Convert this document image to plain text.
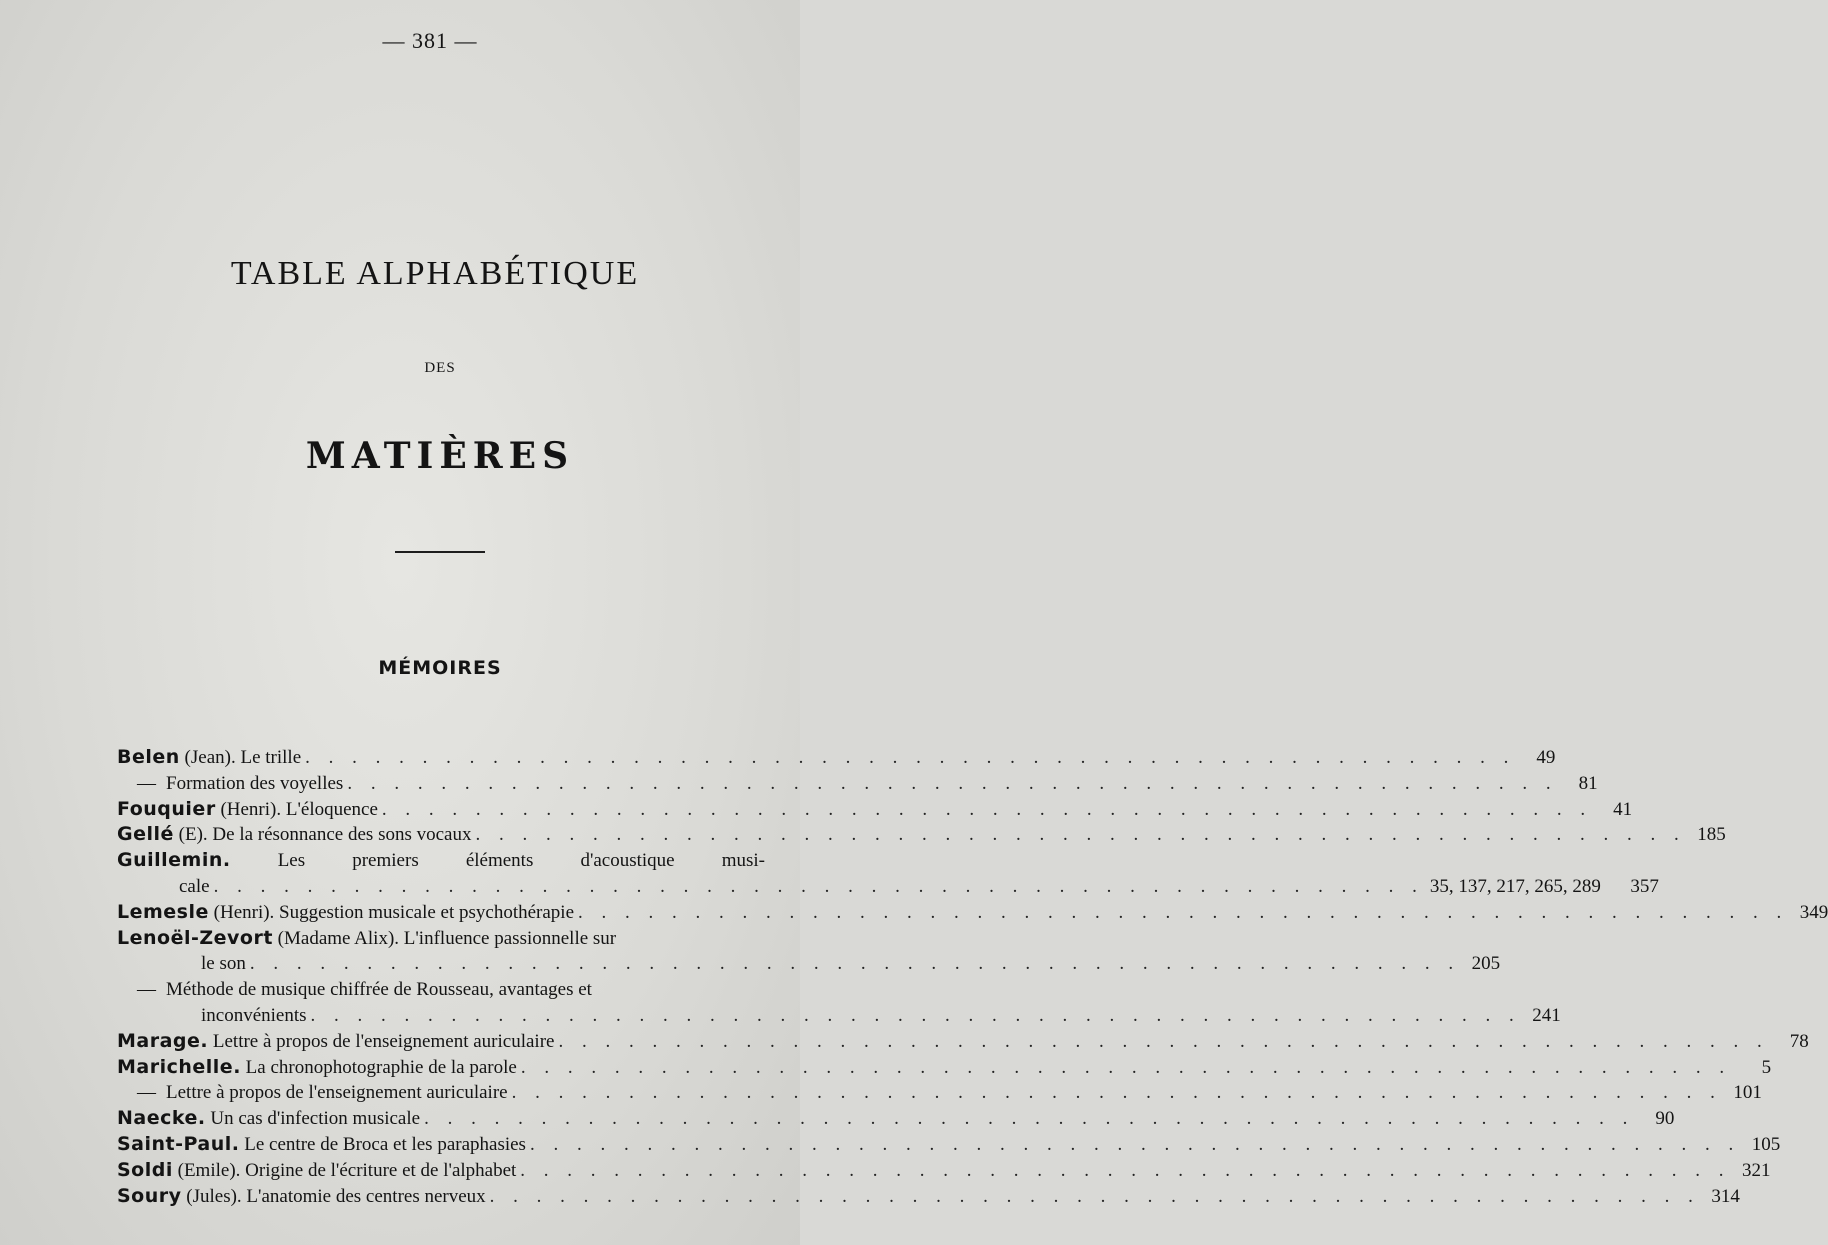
— 381 —
TABLE ALPHABÉTIQUE
DES
MATIÈRES
MÉMOIRES
Belen (Jean). Le trille . . . . . . . . . . . . . . . . . . . . . . . . . . . . . . . . . . . . . . . . . . . . . . . . . . . .	49
— Formation des voyelles . . . . . . . . . . . . . . . . . . . . . . . . . . . . . . . . . . . . . . . . . . . . . . . . . . . .	81
Fouquier (Henri). L'éloquence . . . . . . . . . . . . . . . . . . . . . . . . . . . . . . . . . . . . . . . . . . . . . . . . . . . .	41
Gellé (E). De la résonnance des sons vocaux . . . . . . . . . . . . . . . . . . . . . . . . . . . . . . . . . . . . . . . . . . . . . . . . . . . . 185
Guillemin. Les premiers éléments d'acoustique musi-
cale . . . . . . . . . . . . . . . . . . . . . . . . . . . . . . . . . . . . . . . . . . . . . . . . . . . . 35, 137, 217, 265, 289 357
Lemesle (Henri). Suggestion musicale et psychothérapie . . . . . . . . . . . . . . . . . . . . . . . . . . . . . . . . . . . . . . . . . . . . . . . . . . . . 349
Lenoël-Zevort (Madame Alix). L'influence passionnelle sur
le son . . . . . . . . . . . . . . . . . . . . . . . . . . . . . . . . . . . . . . . . . . . . . . . . . . . . 205
— Méthode de musique chiffrée de Rousseau, avantages et
inconvénients . . . . . . . . . . . . . . . . . . . . . . . . . . . . . . . . . . . . . . . . . . . . . . . . . . . . 241
Marage. Lettre à propos de l'enseignement auriculaire . . . . . . . . . . . . . . . . . . . . . . . . . . . . . . . . . . . . . . . . . . . . . . . . . . . .	78
Marichelle. La chronophotographie de la parole . . . . . . . . . . . . . . . . . . . . . . . . . . . . . . . . . . . . . . . . . . . . . . . . . . . .	5
— Lettre à propos de l'enseignement auriculaire . . . . . . . . . . . . . . . . . . . . . . . . . . . . . . . . . . . . . . . . . . . . . . . . . . . . 101
Naecke. Un cas d'infection musicale . . . . . . . . . . . . . . . . . . . . . . . . . . . . . . . . . . . . . . . . . . . . . . . . . . . .	90
Saint-Paul. Le centre de Broca et les paraphasies . . . . . . . . . . . . . . . . . . . . . . . . . . . . . . . . . . . . . . . . . . . . . . . . . . . . 105
Soldi (Emile). Origine de l'écriture et de l'alphabet . . . . . . . . . . . . . . . . . . . . . . . . . . . . . . . . . . . . . . . . . . . . . . . . . . . . 321
Soury (Jules). L'anatomie des centres nerveux . . . . . . . . . . . . . . . . . . . . . . . . . . . . . . . . . . . . . . . . . . . . . . . . . . . . 314
